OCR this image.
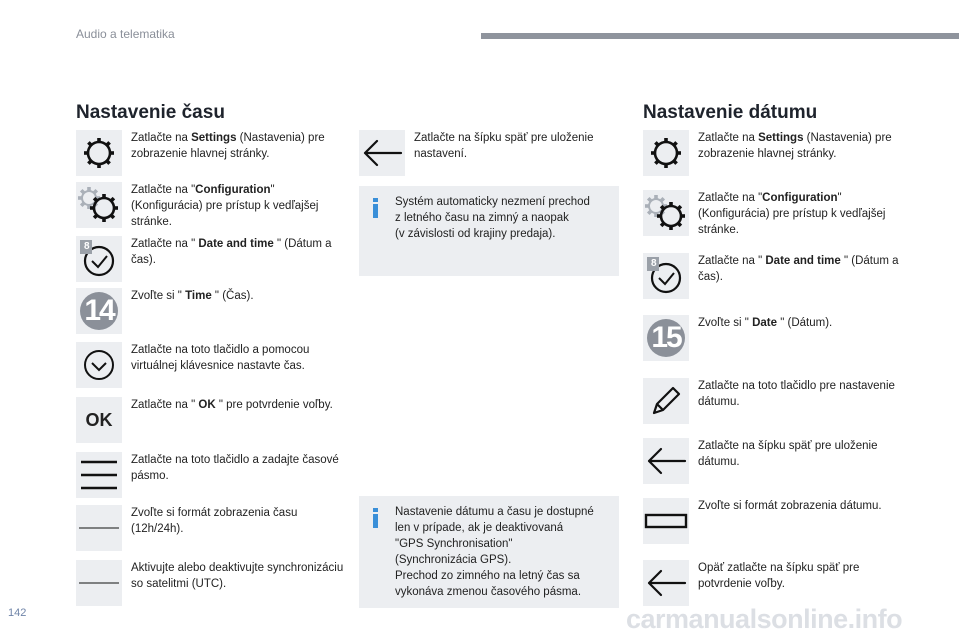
Audio a telematika
Nastavenie času
Zatlačte na Settings (Nastavenia) pre zobrazenie hlavnej stránky.
Zatlačte na "Configuration" (Konfigurácia) pre prístup k vedľajšej stránke.
8	Zatlačte na " Date and time " (Dátum a čas).
14	Zvoľte si " Time " (Čas).
Zatlačte na toto tlačidlo a pomocou virtuálnej klávesnice nastavte čas.
OK
Zatlačte na " OK " pre potvrdenie voľby.
Zatlačte na toto tlačidlo a zadajte časové pásmo.
Zvoľte si formát zobrazenia času (12h/24h).
Aktivujte alebo deaktivujte synchronizáciu so satelitmi (UTC).
Zatlačte na šípku späť pre uloženie nastavení.
Systém automaticky nezmení prechod
z letného času na zimný a naopak
(v závislosti od krajiny predaja).
Nastavenie dátumu a času je dostupné
len v prípade, ak je deaktivovaná
"GPS Synchronisation"
(Synchronizácia GPS).
Prechod zo zimného na letný čas sa
vykonáva zmenou časového pásma.
Nastavenie dátumu
Zatlačte na Settings (Nastavenia) pre zobrazenie hlavnej stránky.
Zatlačte na "Configuration" (Konfigurácia) pre prístup k vedľajšej stránke.
8	Zatlačte na " Date and time " (Dátum a čas).
15	Zvoľte si " Date " (Dátum).
Zatlačte na toto tlačidlo pre nastavenie dátumu.
Zatlačte na šípku späť pre uloženie dátumu.
Zvoľte si formát zobrazenia dátumu.
Opäť zatlačte na šípku späť pre potvrdenie voľby.
142	carmanualsonline.info
